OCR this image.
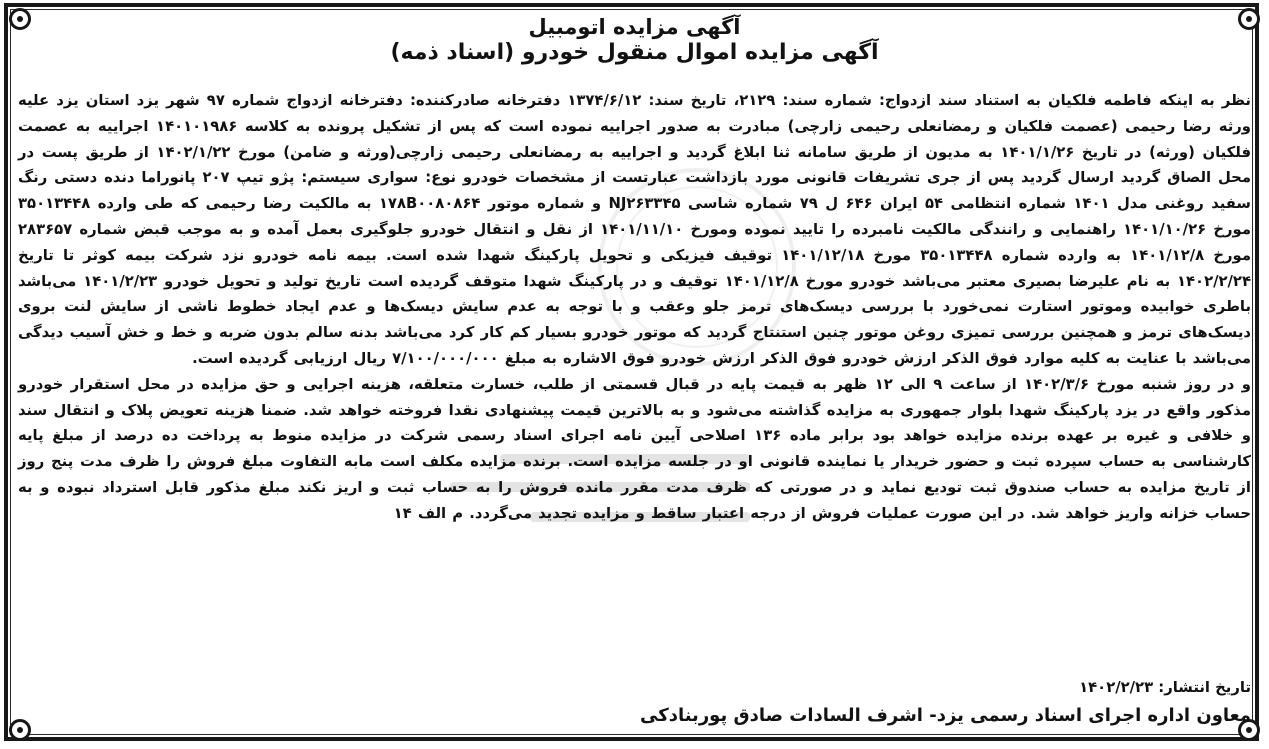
آگهی مزایده اتومبیل
آگهی مزایده اموال منقول خودرو (اسناد ذمه)

نظر به اینکه فاطمه فلکیان به استناد سند ازدواج: شماره سند: ۲۱۲۹، تاریخ سند: ۱۳۷۴/۶/۱۲ دفترخانه صادرکننده: دفترخانه ازدواج شماره ۹۷ شهر یزد استان یزد علیه ورثه رضا رحیمی (عصمت فلکیان و رمضانعلی رحیمی زارچی) مبادرت به صدور اجراییه نموده است که پس از تشکیل پرونده به کلاسه ۱۴۰۱۰۱۹۸۶ اجراییه به عصمت فلکیان (ورثه) در تاریخ ۱۴۰۱/۱/۲۶ به مدیون از طریق سامانه ثنا ابلاغ گردید و اجراییه به رمضانعلی رحیمی زارچی(ورثه و ضامن) مورخ ۱۴۰۲/۱/۲۲ از طریق پست در محل الصاق گردید ارسال گردید پس از جری تشریفات قانونی مورد بازداشت عبارتست از مشخصات خودرو نوع: سواری سیستم: پژو تیپ ۲۰۷ پانوراما دنده دستی رنگ سفید روغنی مدل ۱۴۰۱ شماره انتظامی ۵۴ ایران ۶۴۶ ل ۷۹ شماره شاسی NJ۲۶۳۳۴۵ و شماره موتور ۱۷۸B۰۰۸۰۸۶۴ به مالکیت رضا رحیمی که طی وارده ۳۵۰۱۳۴۴۸ مورخ ۱۴۰۱/۱۰/۲۶ راهنمایی و رانندگی مالکیت نامبرده را تایید نموده ومورخ ۱۴۰۱/۱۱/۱۰ از نقل و انتقال خودرو جلوگیری بعمل آمده و به موجب قبض شماره ۲۸۳۶۵۷ مورخ ۱۴۰۱/۱۲/۸ به وارده شماره ۳۵۰۱۳۴۴۸ مورخ ۱۴۰۱/۱۲/۱۸ توقیف فیزیکی و تحویل پارکینگ شهدا شده است. بیمه نامه خودرو نزد شرکت بیمه کوثر تا تاریخ ۱۴۰۲/۲/۲۴ به نام علیرضا بصیری معتبر می‌باشد خودرو مورخ ۱۴۰۱/۱۲/۸ توقیف و در پارکینگ شهدا متوقف گردیده است تاریخ تولید و تحویل خودرو ۱۴۰۱/۲/۲۳ می‌باشد باطری خوابیده وموتور استارت نمی‌خورد با بررسی دیسک‌های ترمز جلو وعقب و با توجه به عدم سایش دیسک‌ها و عدم ایجاد خطوط ناشی از سایش لنت بروی دیسک‌های ترمز و همچنین بررسی تمیزی روغن موتور چنین استنتاج گردید که موتور خودرو بسیار کم کار کرد می‌باشد بدنه سالم بدون ضربه و خط و خش آسیب دیدگی می‌باشد با عنایت به کلیه موارد فوق الذکر ارزش خودرو فوق الذکر ارزش خودرو فوق الاشاره به مبلغ ۷/۱۰۰/۰۰۰/۰۰۰ ریال ارزیابی گردیده است.

و در روز شنبه مورخ ۱۴۰۲/۳/۶ از ساعت ۹ الی ۱۲ ظهر به قیمت پایه در قبال قسمتی از طلب، خسارت متعلقه، هزینه اجرایی و حق مزایده در محل استقرار خودرو مذکور واقع در یزد پارکینگ شهدا بلوار جمهوری به مزایده گذاشته می‌شود و به بالاترین قیمت پیشنهادی نقدا فروخته خواهد شد. ضمنا هزینه تعویض پلاک و انتقال سند و خلافی و غیره بر عهده برنده مزایده خواهد بود برابر ماده ۱۳۶ اصلاحی آیین نامه اجرای اسناد رسمی شرکت در مزایده منوط به پرداخت ده درصد از مبلغ پایه کارشناسی به حساب سپرده ثبت و حضور خریدار یا نماینده قانونی او در جلسه مزایده است. برنده مزایده مکلف است مابه التفاوت مبلغ فروش را ظرف مدت پنج روز از تاریخ مزایده به حساب صندوق ثبت تودیع نماید و در صورتی که ظرف مدت مقرر مانده فروش را به حساب ثبت و اریز نکند مبلغ مذکور قابل استرداد نبوده و به حساب خزانه واریز خواهد شد. در این صورت عملیات فروش از درجه اعتبار ساقط و مزایده تجدید می‌گردد. م الف ۱۴

تاریخ انتشار: ۱۴۰۲/۲/۲۳

معاون اداره اجرای اسناد رسمی یزد- اشرف السادات صادق پوربنادکی
